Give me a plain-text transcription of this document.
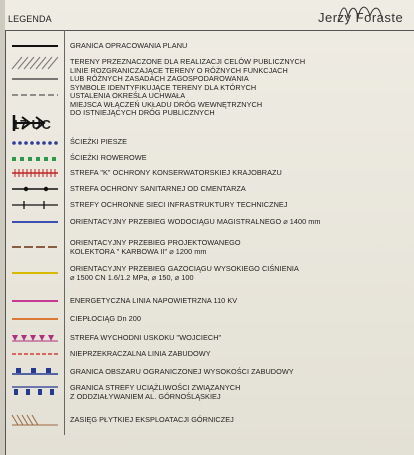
LEGENDA	Jerzy Foraste
17 UC
GRANICA OPRACOWANIA PLANU
TERENY PRZEZNACZONE DLA REALIZACJI CELÓW PUBLICZNYCH
LINIE ROZGRANICZAJĄCE TERENY O RÓŻNYCH FUNKCJACH
LUB RÓŻNYCH ZASADACH ZAGOSPODAROWANIA
SYMBOLE IDENTYFIKUJĄCE TERENY DLA KTÓRYCH
USTALENIA OKREŚLA UCHWAŁA
MIEJSCA WŁĄCZEŃ UKŁADU DRÓG WEWNĘTRZNYCH
DO ISTNIEJĄCYCH DRÓG PUBLICZNYCH
ŚCIEŻKI PIESZE
ŚCIEŻKI ROWEROWE
STREFA "K" OCHRONY KONSERWATORSKIEJ KRAJOBRAZU
STREFA OCHRONY SANITARNEJ OD CMENTARZA
STREFY OCHRONNE SIECI INFRASTRUKTURY TECHNICZNEJ
ORIENTACYJNY PRZEBIEG WODOCIĄGU MAGISTRALNEGO ⌀ 1400 mm
ORIENTACYJNY PRZEBIEG PROJEKTOWANEGO
KOLEKTORA " KARBOWA II" ⌀ 1200 mm
ORIENTACYJNY PRZEBIEG GAZOCIĄGU WYSOKIEGO CIŚNIENIA
⌀ 1500 CN 1.6/1.2 MPa, ⌀ 150, ⌀ 100
ENERGETYCZNA LINIA NAPOWIETRZNA 110 KV
CIEPŁOCIĄG Dn 200
STREFA WYCHODNI USKOKU "WOJCIECH"
NIEPRZEKRACZALNA LINIA ZABUDOWY
GRANICA OBSZARU OGRANICZONEJ WYSOKOŚCI ZABUDOWY
GRANICA STREFY UCIĄŻLIWOŚCI ZWIĄZANYCH
Z ODDZIAŁYWANIEM AL. GÓRNOŚLĄSKIEJ
ZASIĘG PŁYTKIEJ EKSPLOATACJI GÓRNICZEJ
